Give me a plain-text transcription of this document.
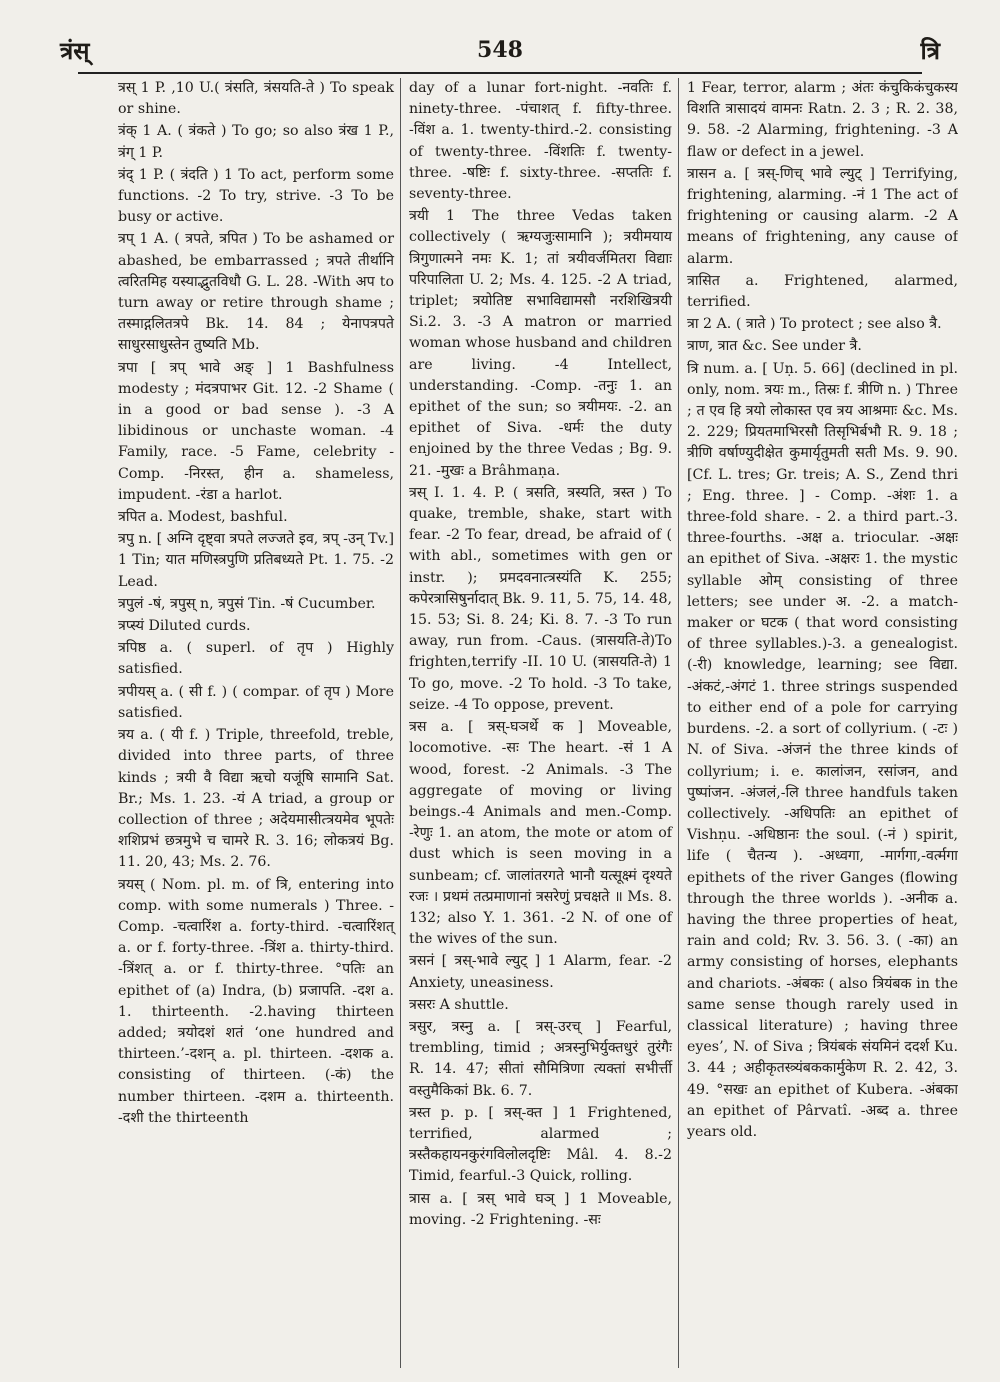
त्रंस्	548	त्रि

त्रस् 1 P. ,10 U.( त्रंसति, त्रंसयति-ते ) To speak or shine.

त्रंक् 1 A. ( त्रंकते ) To go; so also त्रंख 1 P., त्रंग् 1 P.

त्रंद् 1 P. ( त्रंदति ) 1 To act, perform some functions. -2 To try, strive. -3 To be busy or active.

त्रप् 1 A. ( त्रपते, त्रपित ) To be ashamed or abashed, be embarrassed ; त्रपते तीर्थानि त्वरितमिह यस्याद्भुतविधौ G. L. 28. -With अप to turn away or retire through shame ; तस्माद्गलितत्रपे Bk. 14. 84 ; येनापत्रपते साधुरसाधुस्तेन तुष्यति Mb.

त्रपा [ त्रप् भावे अङ् ] 1 Bashfulness modesty ; मंदत्रपाभर Git. 12. -2 Shame ( in a good or bad sense ). -3 A libidinous or unchaste woman. -4 Family, race. -5 Fame, celebrity -Comp. -निरस्त, हीन a. shameless, impudent. -रंडा a harlot.

त्रपित a. Modest, bashful.

त्रपु n. [ अग्नि दृष्ट्वा त्रपते लज्जते इव, त्रप् -उन् Tv.] 1 Tin; यात मणिस्त्रपुणि प्रतिबध्यते Pt. 1. 75. -2 Lead.

त्रपुलं -षं, त्रपुस् n, त्रपुसं Tin. -षं Cucumber.

त्रप्स्यं Diluted curds.

त्रपिष्ठ a. ( superl. of तृप ) Highly satisfied.

त्रपीयस् a. ( सी f. ) ( compar. of तृप ) More satisfied.

त्रय a. ( यी f. ) Triple, threefold, treble, divided into three parts, of three kinds ; त्रयी वै विद्या ऋचो यजूंषि सामानि Sat. Br.; Ms. 1. 23. -यं A triad, a group or collection of three ; अदेयमासीत्त्रयमेव भूपतेः शशिप्रभं छत्रमुभे च चामरे R. 3. 16; लोकत्रयं Bg. 11. 20, 43; Ms. 2. 76.

त्रयस् ( Nom. pl. m. of त्रि, entering into comp. with some numerals ) Three. -Comp. -चत्वारिंश a. forty-third. -चत्वारिंशत् a. or f. forty-three. -त्रिंश a. thirty-third. -त्रिंशत् a. or f. thirty-three. °पतिः an epithet of (a) Indra, (b) प्रजापति. -दश a. 1. thirteenth. -2.having thirteen added; त्रयोदशं शतं ‘one hundred and thirteen.’-दशन् a. pl. thirteen. -दशक a. consisting of thirteen. (-कं) the number thirteen. -दशम a. thirteenth. -दशी the thirteenth

day of a lunar fort-night. -नवतिः f. ninety-three. -पंचाशत् f. fifty-three. -विंश a. 1. twenty-third.-2. consisting of twenty-three. -विंशतिः f. twenty-three. -षष्टिः f. sixty-three. -सप्ततिः f. seventy-three.

त्रयी 1 The three Vedas taken collectively ( ऋग्यजुःसामानि ); त्रयीमयाय त्रिगुणात्मने नमः K. 1; तां त्रयीवर्जमितरा विद्याः परिपालिता U. 2; Ms. 4. 125. -2 A triad, triplet; त्रयोतिष्ट सभाविद्यामसौ नरशिखित्रयी Si.2. 3. -3 A matron or married woman whose husband and children are living. -4 Intellect, understanding. -Comp. -तनुः 1. an epithet of the sun; so त्रयीमयः. -2. an epithet of Siva. -धर्मः the duty enjoined by the three Vedas ; Bg. 9. 21. -मुखः a Brâhmaṇa.

त्रस् I. 1. 4. P. ( त्रसति, त्रस्यति, त्रस्त ) To quake, tremble, shake, start with fear. -2 To fear, dread, be afraid of ( with abl., sometimes with gen or instr. ); प्रमदवनात्त्रस्यंति K. 255; कपेरत्रासिषुर्नादात् Bk. 9. 11, 5. 75, 14. 48, 15. 53; Si. 8. 24; Ki. 8. 7. -3 To run away, run from. -Caus. (त्रासयति-ते)To frighten,terrify -II. 10 U. (त्रासयति-ते) 1 To go, move. -2 To hold. -3 To take, seize. -4 To oppose, prevent.

त्रस a. [ त्रस्-घञर्थे क ] Moveable, locomotive. -सः The heart. -सं 1 A wood, forest. -2 Animals. -3 The aggregate of moving or living beings.-4 Animals and men.-Comp. -रेणुः 1. an atom, the mote or atom of dust which is seen moving in a sunbeam; cf. जालांतरगते भानौ यत्सूक्ष्मं दृश्यते रजः । प्रथमं तत्प्रमाणानां त्रसरेणुं प्रचक्षते ॥ Ms. 8. 132; also Y. 1. 361. -2 N. of one of the wives of the sun.

त्रसनं [ त्रस्-भावे ल्युट् ] 1 Alarm, fear. -2 Anxiety, uneasiness.

त्रसरः A shuttle.

त्रसुर, त्रस्नु a. [ त्रस्-उरच् ] Fearful, trembling, timid ; अत्रस्नुभिर्युक्तधुरं तुरंगैः R. 14. 47; सीतां सौमित्रिणा त्यक्तां सभीर्त्ती वस्तुमैकिकां Bk. 6. 7.

त्रस्त p. p. [ त्रस्-क्त ] 1 Frightened, terrified, alarmed ; त्रस्तैकहायनकुरंगविलोलदृष्टिः Mâl. 4. 8.-2 Timid, fearful.-3 Quick, rolling.

त्रास a. [ त्रस् भावे घञ् ] 1 Moveable, moving. -2 Frightening. -सः

1 Fear, terror, alarm ; अंतः कंचुकिकंचुकस्य विशति त्रासादयं वामनः Ratn. 2. 3 ; R. 2. 38, 9. 58. -2 Alarming, frightening. -3 A flaw or defect in a jewel.

त्रासन a. [ त्रस्-णिच् भावे ल्युट् ] Terrifying, frightening, alarming. -नं 1 The act of frightening or causing alarm. -2 A means of frightening, any cause of alarm.

त्रासित a. Frightened, alarmed, terrified.

त्रा 2 A. ( त्राते ) To protect ; see also त्रै.

त्राण, त्रात &c. See under त्रै.

त्रि num. a. [ Uṇ. 5. 66] (declined in pl. only, nom. त्रयः m., तिस्रः f. त्रीणि n. ) Three ; त एव हि त्रयो लोकास्त एव त्रय आश्रमाः &c. Ms. 2. 229; प्रियतमाभिरसौ तिसृभिर्बभौ R. 9. 18 ; त्रीणि वर्षाण्युदीक्षेत कुमार्यृतुमती सती Ms. 9. 90. [Cf. L. tres; Gr. treis; A. S., Zend thri ; Eng. three. ] - Comp. -अंशः 1. a three-fold share. - 2. a third part.-3. three-fourths. -अक्ष a. triocular. -अक्षः an epithet of Siva. -अक्षरः 1. the mystic syllable ओम् consisting of three letters; see under अ. -2. a match-maker or घटक ( that word consisting of three syllables.)-3. a genealogist. (-री) knowledge, learning; see विद्या. -अंकटं,-अंगटं 1. three strings suspended to either end of a pole for carrying burdens. -2. a sort of collyrium. ( -टः ) N. of Siva. -अंजनं the three kinds of collyrium; i. e. कालांजन, रसांजन, and पुष्पांजन. -अंजलं,-लि three handfuls taken collectively. -अधिपतिः an epithet of Vishṇu. -अधिष्ठानः the soul. (-नं ) spirit, life ( चैतन्य ). -अध्वगा, -मार्गगा,-वर्त्मगा epithets of the river Ganges (flowing through the three worlds ). -अनीक a. having the three properties of heat, rain and cold; Rv. 3. 56. 3. ( -का) an army consisting of horses, elephants and chariots. -अंबकः ( also त्रियंबक in the same sense though rarely used in classical literature) ; having three eyes’, N. of Siva ; त्रियंबकं संयमिनं ददर्श Ku. 3. 44 ; अहीकृतस्त्र्यंबककार्मुकेण R. 2. 42, 3. 49. °सखः an epithet of Kubera. -अंबका an epithet of Pârvatî. -अब्द a. three years old.
